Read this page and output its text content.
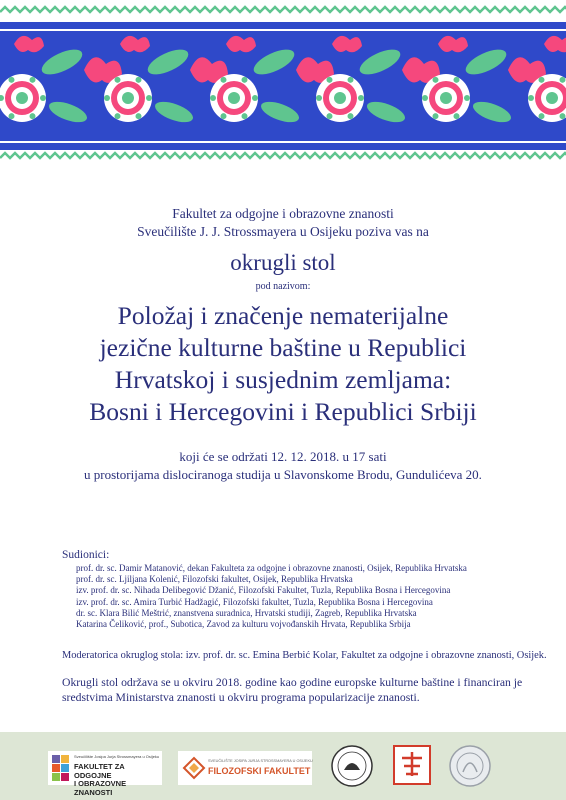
Fakultet za odgojne i obrazovne znanosti
Sveučilište J. J. Strossmayera u Osijeku poziva vas na
okrugli stol
pod nazivom:
Položaj i značenje nematerijalne
jezične kulturne baštine u Republici
Hrvatskoj i susjednim zemljama:
Bosni i Hercegovini i Republici Srbiji
koji će se održati 12. 12. 2018. u 17 sati
u prostorijama dislociranoga studija u Slavonskome Brodu, Gundulićeva 20.
Sudionici:
prof. dr. sc. Damir Matanović, dekan Fakulteta za odgojne i obrazovne znanosti, Osijek, Republika Hrvatska
prof. dr. sc. Ljiljana Kolenić, Filozofski fakultet, Osijek, Republika Hrvatska
izv. prof. dr. sc. Nihada Delibegović Džanić, Filozofski Fakultet, Tuzla, Republika Bosna i Hercegovina
izv. prof. dr. sc. Amira Turbić Hadžagić, Filozofski fakultet, Tuzla, Republika Bosna i Hercegovina
dr. sc. Klara Bilić Meštrić, znanstvena suradnica, Hrvatski studiji, Zagreb, Republika Hrvatska
Katarina Čeliković, prof., Subotica, Zavod za kulturu vojvođanskih Hrvata, Republika Srbija
Moderatorica okruglog stola: izv. prof. dr. sc. Emina Berbić Kolar, Fakultet za odgojne i obrazovne znanosti, Osijek.
Okrugli stol održava se u okviru 2018. godine kao godine europske kulturne baštine i financiran je sredstvima Ministarstva znanosti u okviru programa popularizacije znanosti.
Sveučilište Josipa Jurja Strossmayera u Osijeku
FAKULTET ZA ODGOJNE
I OBRAZOVNE ZNANOSTI
SVEUČILIŠTE JOSIPA JURJA STROSSMAYERA U OSIJEKU
FILOZOFSKI FAKULTET
